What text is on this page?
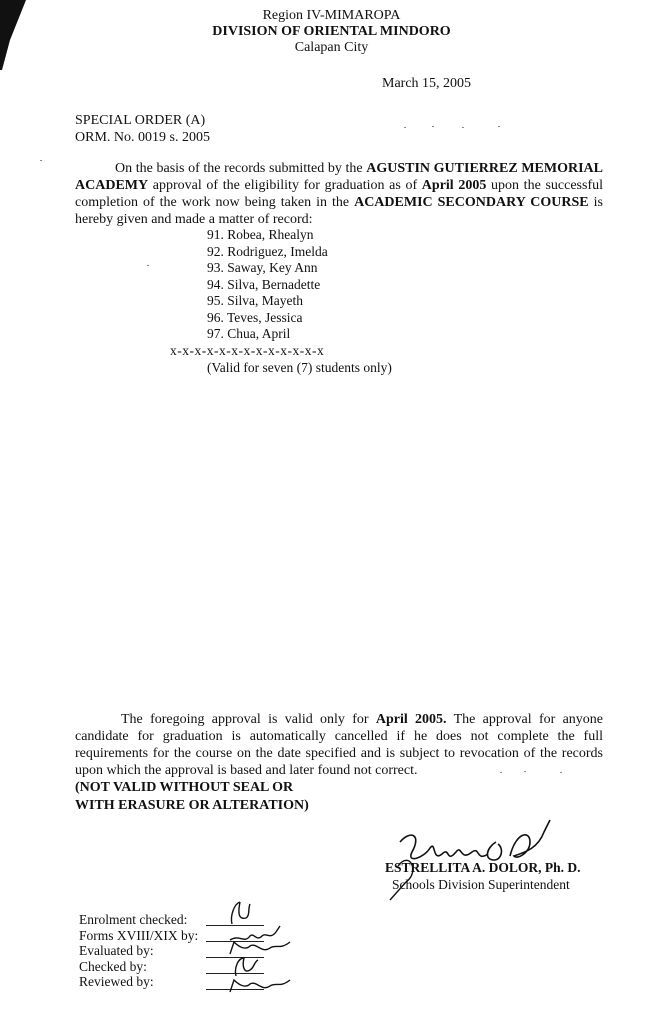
Region IV-MIMAROPA
DIVISION OF ORIENTAL MINDORO
Calapan City
March 15, 2005
SPECIAL ORDER (A)
ORM. No. 0019 s. 2005
On the basis of the records submitted by the AGUSTIN GUTIERREZ MEMORIAL ACADEMY approval of the eligibility for graduation as of April 2005 upon the successful completion of the work now being taken in the ACADEMIC SECONDARY COURSE is hereby given and made a matter of record:
91. Robea, Rhealyn
92. Rodriguez, Imelda
93. Saway, Key Ann
94. Silva, Bernadette
95. Silva, Mayeth
96. Teves, Jessica
97. Chua, April
x-x-x-x-x-x-x-x-x-x-x-x-x
(Valid for seven (7) students only)
The foregoing approval is valid only for April 2005. The approval for anyone candidate for graduation is automatically cancelled if he does not complete the full requirements for the course on the date specified and is subject to revocation of the records upon which the approval is based and later found not correct.
(NOT VALID WITHOUT SEAL OR
WITH ERASURE OR ALTERATION)
ESTRELLITA A. DOLOR, Ph. D.
Schools Division Superintendent
Enrolment checked:
Forms XVIII/XIX by:
Evaluated by:
Checked by:
Reviewed by:
